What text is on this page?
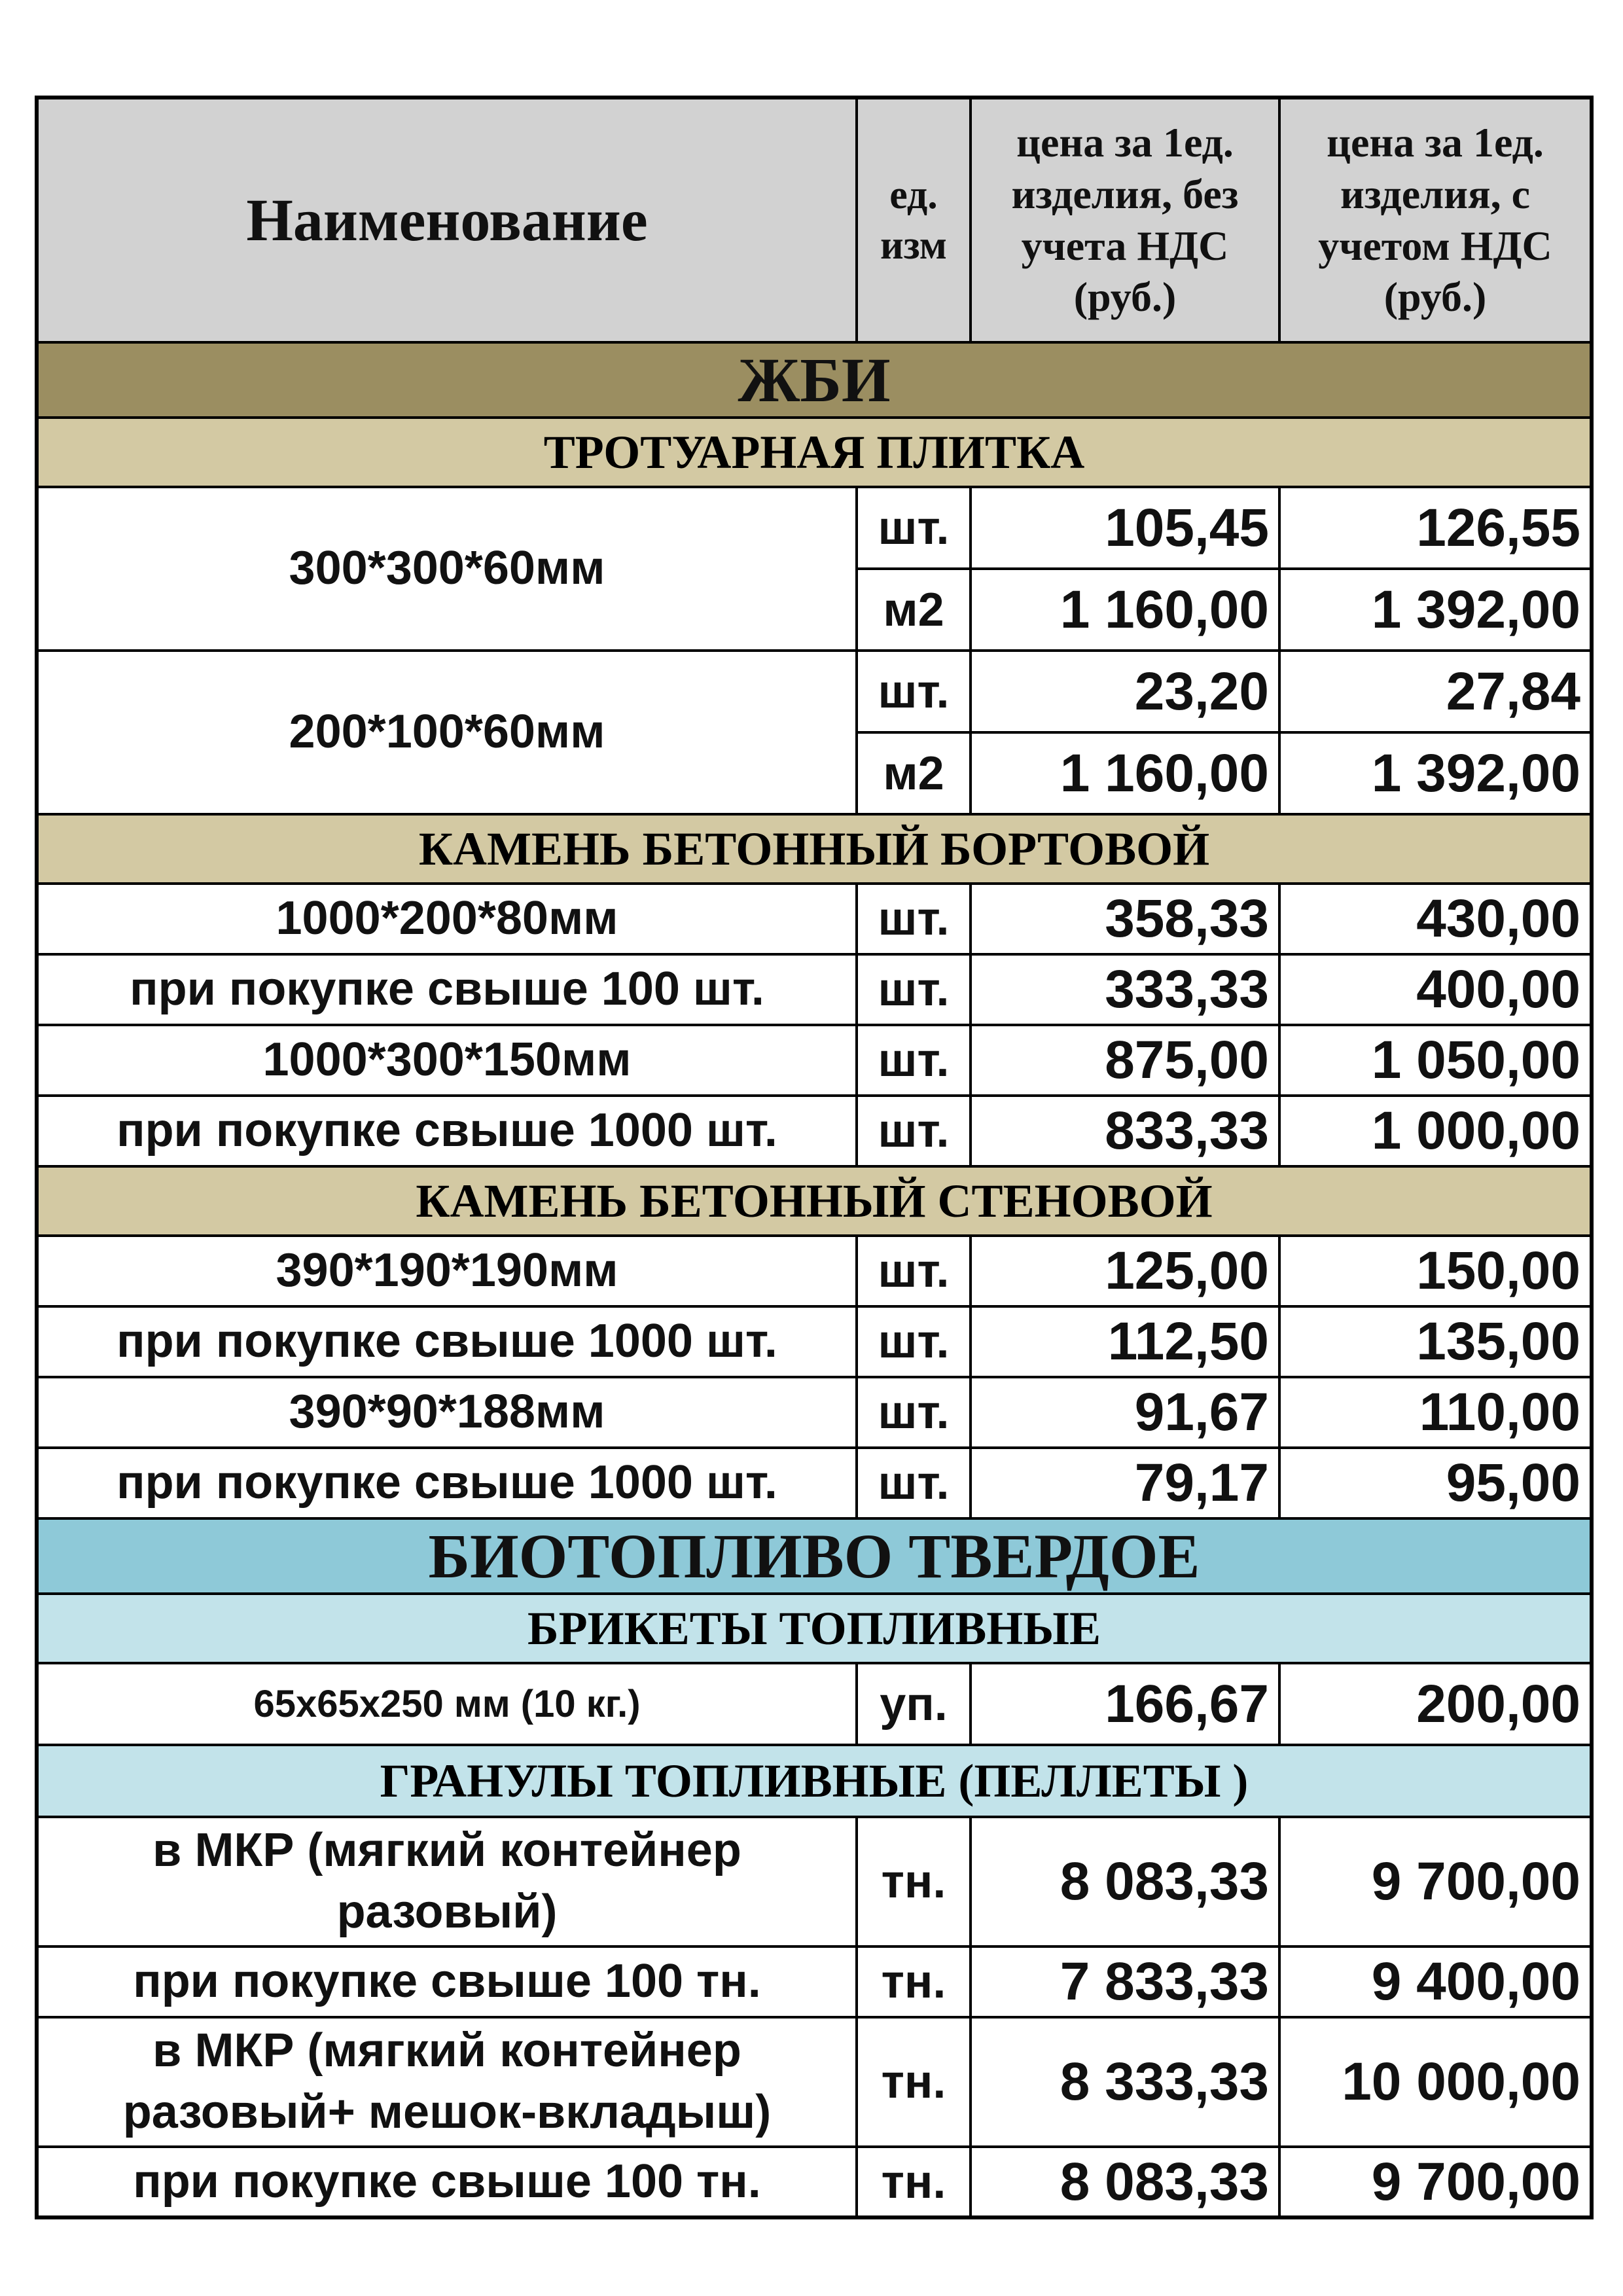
Наименование	ед. изм	цена за 1ед. изделия, без учета НДС (руб.)	цена за 1ед. изделия, с учетом НДС (руб.)
ЖБИ			
ТРОТУАРНАЯ ПЛИТКА			
300*300*60мм	шт.	105,45	126,55
	м2	1 160,00	1 392,00
200*100*60мм	шт.	23,20	27,84
	м2	1 160,00	1 392,00
КАМЕНЬ БЕТОННЫЙ БОРТОВОЙ			
1000*200*80мм	шт.	358,33	430,00
при покупке свыше 100 шт.	шт.	333,33	400,00
1000*300*150мм	шт.	875,00	1 050,00
при покупке свыше 1000 шт.	шт.	833,33	1 000,00
КАМЕНЬ БЕТОННЫЙ СТЕНОВОЙ			
390*190*190мм	шт.	125,00	150,00
при покупке свыше 1000 шт.	шт.	112,50	135,00
390*90*188мм	шт.	91,67	110,00
при покупке свыше 1000 шт.	шт.	79,17	95,00
БИОТОПЛИВО ТВЕРДОЕ			
БРИКЕТЫ ТОПЛИВНЫЕ			
65x65x250 мм (10 кг.)	уп.	166,67	200,00
ГРАНУЛЫ ТОПЛИВНЫЕ (ПЕЛЛЕТЫ )			
в МКР (мягкий контейнер разовый)	тн.	8 083,33	9 700,00
при покупке свыше 100 тн.	тн.	7 833,33	9 400,00
в МКР (мягкий контейнер разовый+ мешок-вкладыш)	тн.	8 333,33	10 000,00
при покупке свыше 100 тн.	тн.	8 083,33	9 700,00
